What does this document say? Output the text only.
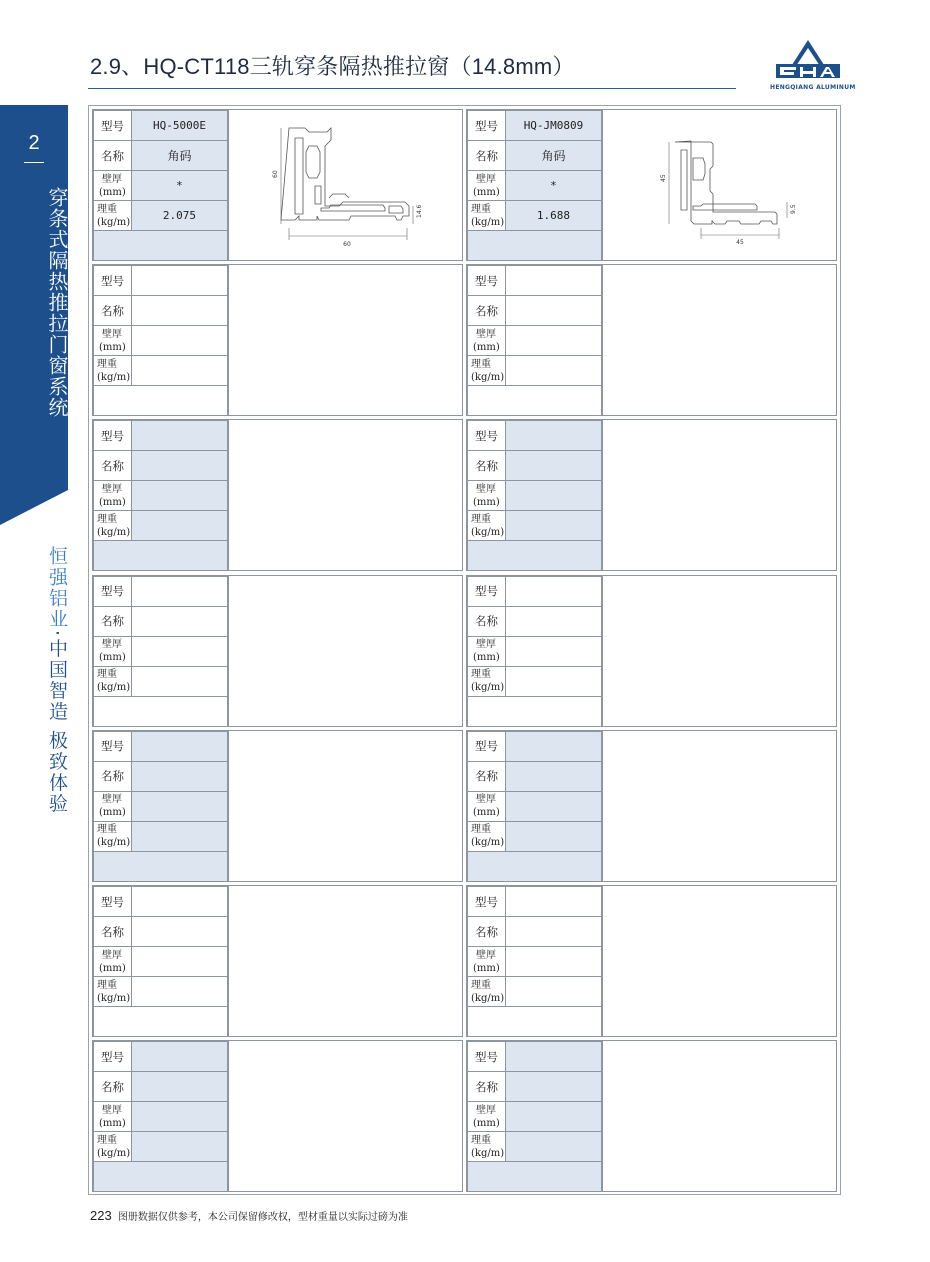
2.9、HQ-CT118三轨穿条隔热推拉窗（14.8mm）
HENGQIANG ALUMINUM
2
穿条式隔热推拉门窗系统
恒强铝业·中国智造 极致体验
型号	HQ-5000E
名称	角码

壁厚
(mm)	*

理重
(kg/m)	2.075

60
60
14.6
型号	HQ-JM0809
名称	角码

壁厚
(mm)	*

理重
(kg/m)	1.688

45
45
9.5
型号	
名称	

壁厚
(mm)	

理重
(kg/m)	

型号	
名称	

壁厚
(mm)	

理重
(kg/m)	

型号	
名称	

壁厚
(mm)	

理重
(kg/m)	

型号	
名称	

壁厚
(mm)	

理重
(kg/m)	

型号	
名称	

壁厚
(mm)	

理重
(kg/m)	

型号	
名称	

壁厚
(mm)	

理重
(kg/m)	

型号	
名称	

壁厚
(mm)	

理重
(kg/m)	

型号	
名称	

壁厚
(mm)	

理重
(kg/m)	

型号	
名称	

壁厚
(mm)	

理重
(kg/m)	

型号	
名称	

壁厚
(mm)	

理重
(kg/m)	

型号	
名称	

壁厚
(mm)	

理重
(kg/m)	

型号	
名称	

壁厚
(mm)	

理重
(kg/m)	

223 图册数据仅供参考，本公司保留修改权，型材重量以实际过磅为准
